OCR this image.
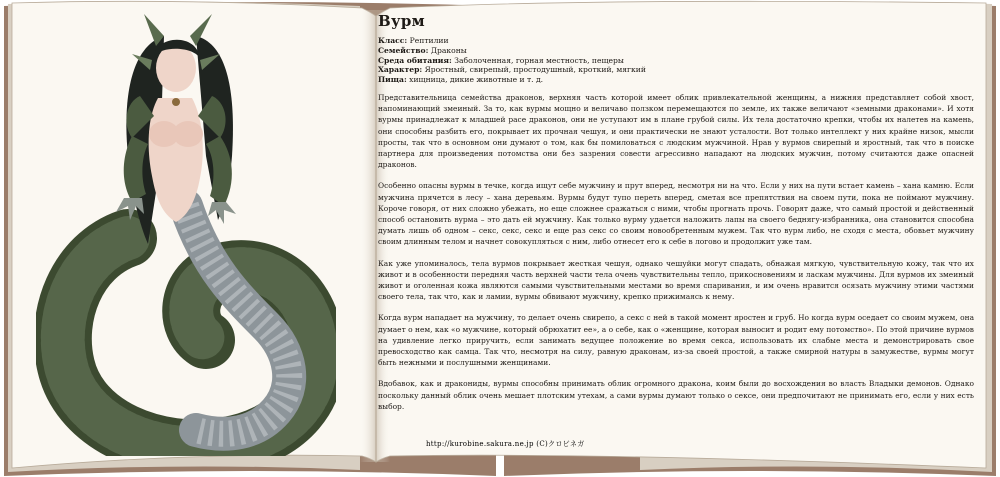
Вурм
Класс: Рептилии
Семейство: Драконы
Среда обитания: Заболоченная, горная местность, пещеры
Характер: Яростный, свирепый, простодушный, кроткий, мягкий
Пища: хищница, дикие животные и т. д.

Представительница семейства драконов, верхняя часть которой имеет облик привлекательной женщины, а нижняя представляет собой хвост, напоминающий змеиный. За то, как вурмы мощно и величаво ползком перемещаются по земле, их также величают «земными драконами». И хотя вурмы принадлежат к младшей расе драконов, они не уступают им в плане грубой силы. Их тела достаточно крепки, чтобы их налетев на камень, они способны разбить его, покрывает их прочная чешуя, и они практически не знают усталости. Вот только интеллект у них крайне низок, мысли просты, так что в основном они думают о том, как бы помиловаться с людским мужчиной. Нрав у вурмов свирепый и яростный, так что в поиске партнера для произведения потомства они без зазрения совести агрессивно нападают на людских мужчин, потому считаются даже опасней драконов.

Особенно опасны вурмы в течке, когда ищут себе мужчину и прут вперед, несмотря ни на что. Если у них на пути встает камень – хана камню. Если мужчина прячется в лесу – хана деревьям. Вурмы будут тупо переть вперед, сметая все препятствия на своем пути, пока не поймают мужчину. Короче говоря, от них сложно убежать, но еще сложнее сражаться с ними, чтобы прогнать прочь. Говорят даже, что самый простой и действенный способ остановить вурма – это дать ей мужчину. Как только вурму удается наложить лапы на своего беднягу-избранника, она становится способна думать лишь об одном – секс, секс, секс и еще раз секс со своим новообретенным мужем. Так что вурм либо, не сходя с места, обовьет мужчину своим длинным телом и начнет совокупляться с ним, либо отнесет его к себе в логово и продолжит уже там.

Как уже упоминалось, тела вурмов покрывает жесткая чешуя, однако чешуйки могут спадать, обнажая мягкую, чувствительную кожу, так что их живот и в особенности передняя часть верхней части тела очень чувствительны тепло, прикосновениям и ласкам мужчины. Для вурмов их змеиный живот и оголенная кожа являются самыми чувствительными местами во время спаривания, и им очень нравится осязать мужчину этими частями своего тела, так что, как и ламии, вурмы обвивают мужчину, крепко прижимаясь к нему.

Когда вурм нападает на мужчину, то делает очень свирепо, а секс с ней в такой момент яростен и груб. Но когда вурм оседает со своим мужем, она думает о нем, как «о мужчине, который обрюхатит ее», а о себе, как о «женщине, которая выносит и родит ему потомство». По этой причине вурмов на удивление легко приручить, если занимать ведущее положение во время секса, использовать их слабые места и демонстрировать свое превосходство как самца. Так что, несмотря на силу, равную драконам, из-за своей простой, а также смирной натуры в замужестве, вурмы могут быть нежными и послушными женщинами.

Вдобавок, как и дракониды, вурмы способны принимать облик огромного дракона, коим были до восхождения во власть Владыки демонов. Однако поскольку данный облик очень мешает плотским утехам, а сами вурмы думают только о сексе, они предпочитают не принимать его, если у них есть выбор.

http://kurobine.sakura.ne.jp (C)クロビネガ
